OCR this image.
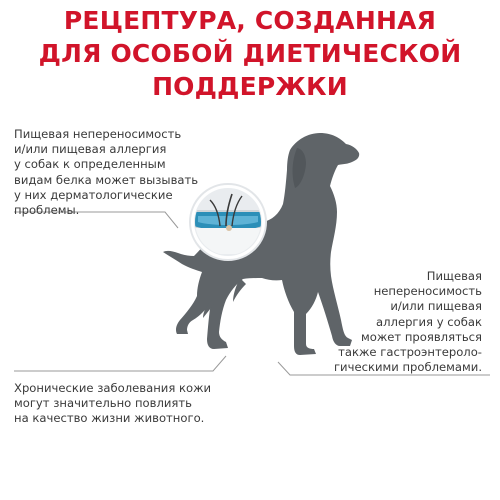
РЕЦЕПТУРА, СОЗДАННАЯ
ДЛЯ ОСОБОЙ ДИЕТИЧЕСКОЙ
ПОДДЕРЖКИ
Пищевая непереносимость
и/или пищевая аллергия
у собак к определенным
видам белка может вызывать
у них дерматологические
проблемы.
Пищевая
непереносимость
и/или пищевая
аллергия у собак
может проявляться
также гастроэнтероло-
гическими проблемами.
Хронические заболевания кожи
могут значительно повлиять
на качество жизни животного.
